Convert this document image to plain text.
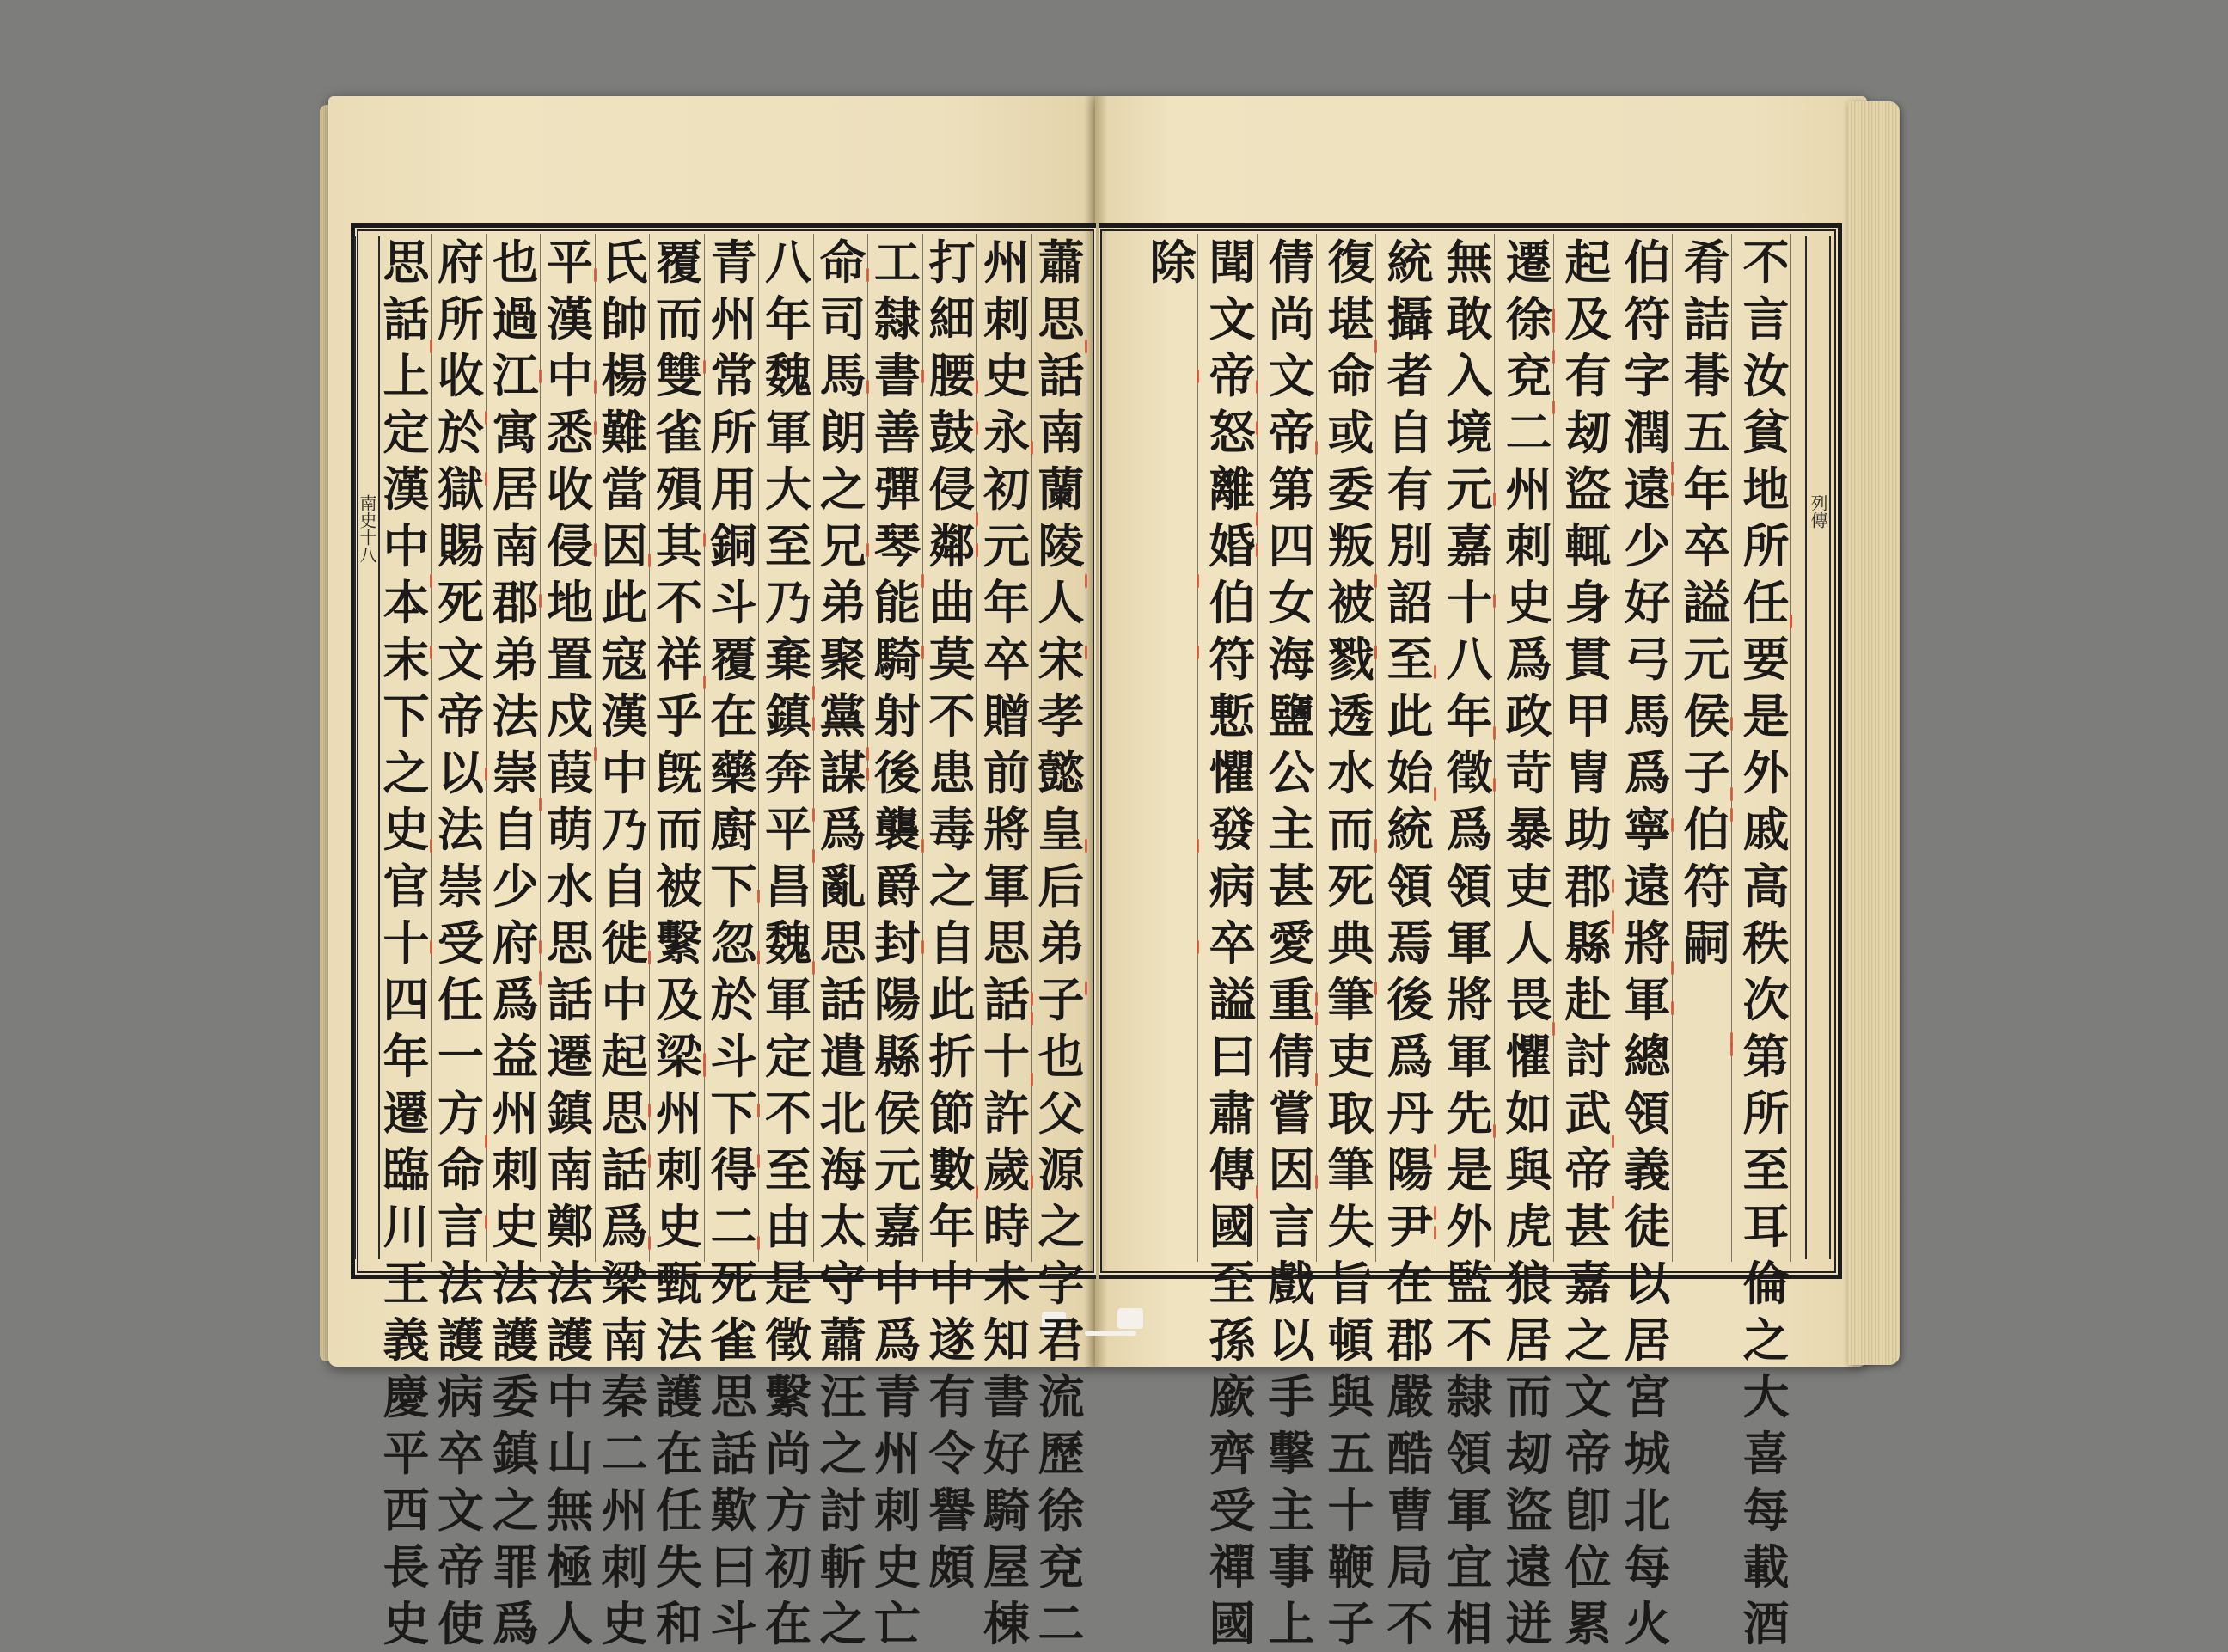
南史十八	列傳
思
話
上
定
漢
中
本
末
下
之
史
官
十
四
年
遷
臨
川
王
義
慶
平
西
長
史
府
所
收
於
獄
賜
死
文
帝
以
法
崇
受
任
一
方
命
言
法
護
病
卒
文
帝
使
也
過
江
寓
居
南
郡
弟
法
崇
自
少
府
爲
益
州
刺
史
法
護
委
鎮
之
罪
爲
平
漢
中
悉
收
侵
地
置
戍
葭
萌
水
思
話
遷
鎮
南
鄭
法
護
中
山
無
極
人
氏
帥
楊
難
當
因
此
寇
漢
中
乃
自
徙
中
起
思
話
爲
梁
南
秦
二
州
刺
史
覆
而
雙
雀
殞
其
不
祥
乎
旣
而
被
繫
及
梁
州
刺
史
甄
法
護
在
任
失
和
青
州
常
所
用
銅
斗
覆
在
藥
廚
下
忽
於
斗
下
得
二
死
雀
思
話
歎
曰
斗
八
年
魏
軍
大
至
乃
棄
鎮
奔
平
昌
魏
軍
定
不
至
由
是
徵
繫
尚
方
初
在
命
司
馬
朗
之
兄
弟
聚
黨
謀
爲
亂
思
話
遣
北
海
太
守
蕭
汪
之
討
斬
之
工
隸
書
善
彈
琴
能
騎
射
後
襲
爵
封
陽
縣
侯
元
嘉
中
爲
青
州
刺
史
亡
打
細
腰
鼓
侵
鄰
曲
莫
不
患
毒
之
自
此
折
節
數
年
中
遂
有
令
譽
頗
州
刺
史
永
初
元
年
卒
贈
前
將
軍
思
話
十
許
歲
時
未
知
書
好
騎
屋
棟
蕭
思
話
南
蘭
陵
人
宋
孝
懿
皇
后
弟
子
也
父
源
之
字
君
流
歷
徐
兗
二
除 聞
文
帝
怒
離
婚
伯
符
慙
懼
發
病
卒
謚
曰
肅
傳
國
至
孫
廞
齊
受
禪
國
倩
尚
文
帝
第
四
女
海
鹽
公
主
甚
愛
重
倩
嘗
因
言
戲
以
手
擊
主
事
上
復
堪
命
或
委
叛
被
戮
透
水
而
死
典
筆
吏
取
筆
失
旨
頓
與
五
十
鞭
子
統
攝
者
自
有
別
詔
至
此
始
統
領
焉
後
爲
丹
陽
尹
在
郡
嚴
酷
曹
局
不
無
敢
入
境
元
嘉
十
八
年
徵
爲
領
軍
將
軍
先
是
外
監
不
隸
領
軍
宜
相
遷
徐
兗
二
州
刺
史
爲
政
苛
暴
吏
人
畏
懼
如
與
虎
狼
居
而
刼
盜
遠
迸
起
及
有
刼
盜
輒
身
貫
甲
冑
助
郡
縣
赴
討
武
帝
甚
嘉
之
文
帝
卽
位
累
伯
符
字
潤
遠
少
好
弓
馬
爲
寧
遠
將
軍
總
領
義
徒
以
居
宮
城
北
每
火
肴
詰
朞
五
年
卒
謚
元
侯
子
伯
符
嗣
不
言
汝
貧
地
所
任
要
是
外
戚
高
秩
次
第
所
至
耳
倫
之
大
喜
每
載
酒
